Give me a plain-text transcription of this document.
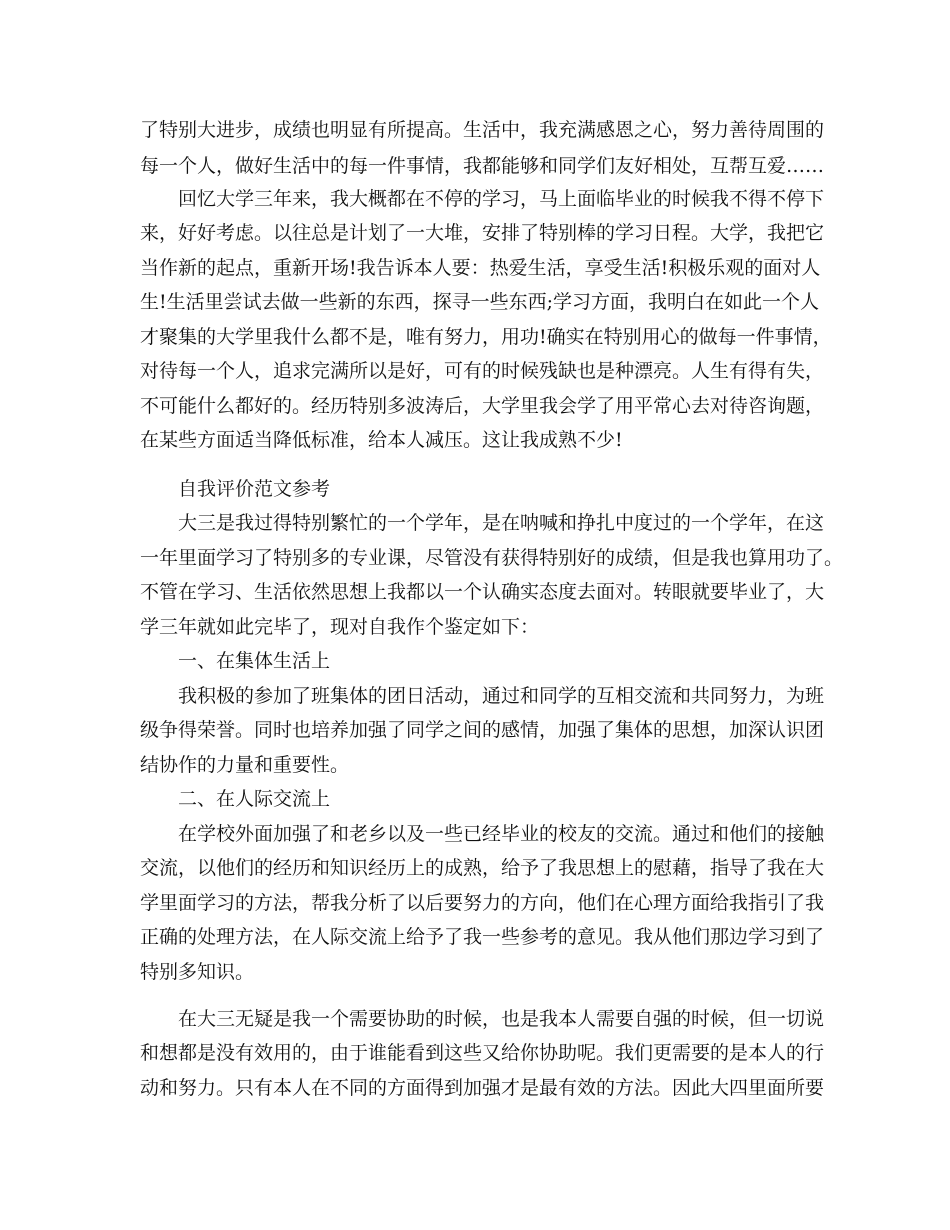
了特别大进步，成绩也明显有所提高。生活中，我充满感恩之心，努力善待周围的
每一个人，做好生活中的每一件事情，我都能够和同学们友好相处，互帮互爱……
回忆大学三年来，我大概都在不停的学习，马上面临毕业的时候我不得不停下
来，好好考虑。以往总是计划了一大堆，安排了特别棒的学习日程。大学，我把它
当作新的起点，重新开场!我告诉本人要：热爱生活，享受生活!积极乐观的面对人
生!生活里尝试去做一些新的东西，探寻一些东西;学习方面，我明白在如此一个人
才聚集的大学里我什么都不是，唯有努力，用功!确实在特别用心的做每一件事情，
对待每一个人，追求完满所以是好，可有的时候残缺也是种漂亮。人生有得有失，
不可能什么都好的。经历特别多波涛后，大学里我会学了用平常心去对待咨询题，
在某些方面适当降低标准，给本人减压。这让我成熟不少!
自我评价范文参考
大三是我过得特别繁忙的一个学年，是在呐喊和挣扎中度过的一个学年，在这
一年里面学习了特别多的专业课，尽管没有获得特别好的成绩，但是我也算用功了。
不管在学习、生活依然思想上我都以一个认确实态度去面对。转眼就要毕业了，大
学三年就如此完毕了，现对自我作个鉴定如下：
一、在集体生活上
我积极的参加了班集体的团日活动，通过和同学的互相交流和共同努力，为班
级争得荣誉。同时也培养加强了同学之间的感情，加强了集体的思想，加深认识团
结协作的力量和重要性。
二、在人际交流上
在学校外面加强了和老乡以及一些已经毕业的校友的交流。通过和他们的接触
交流，以他们的经历和知识经历上的成熟，给予了我思想上的慰藉，指导了我在大
学里面学习的方法，帮我分析了以后要努力的方向，他们在心理方面给我指引了我
正确的处理方法，在人际交流上给予了我一些参考的意见。我从他们那边学习到了
特别多知识。
在大三无疑是我一个需要协助的时候，也是我本人需要自强的时候，但一切说
和想都是没有效用的，由于谁能看到这些又给你协助呢。我们更需要的是本人的行
动和努力。只有本人在不同的方面得到加强才是最有效的方法。因此大四里面所要
